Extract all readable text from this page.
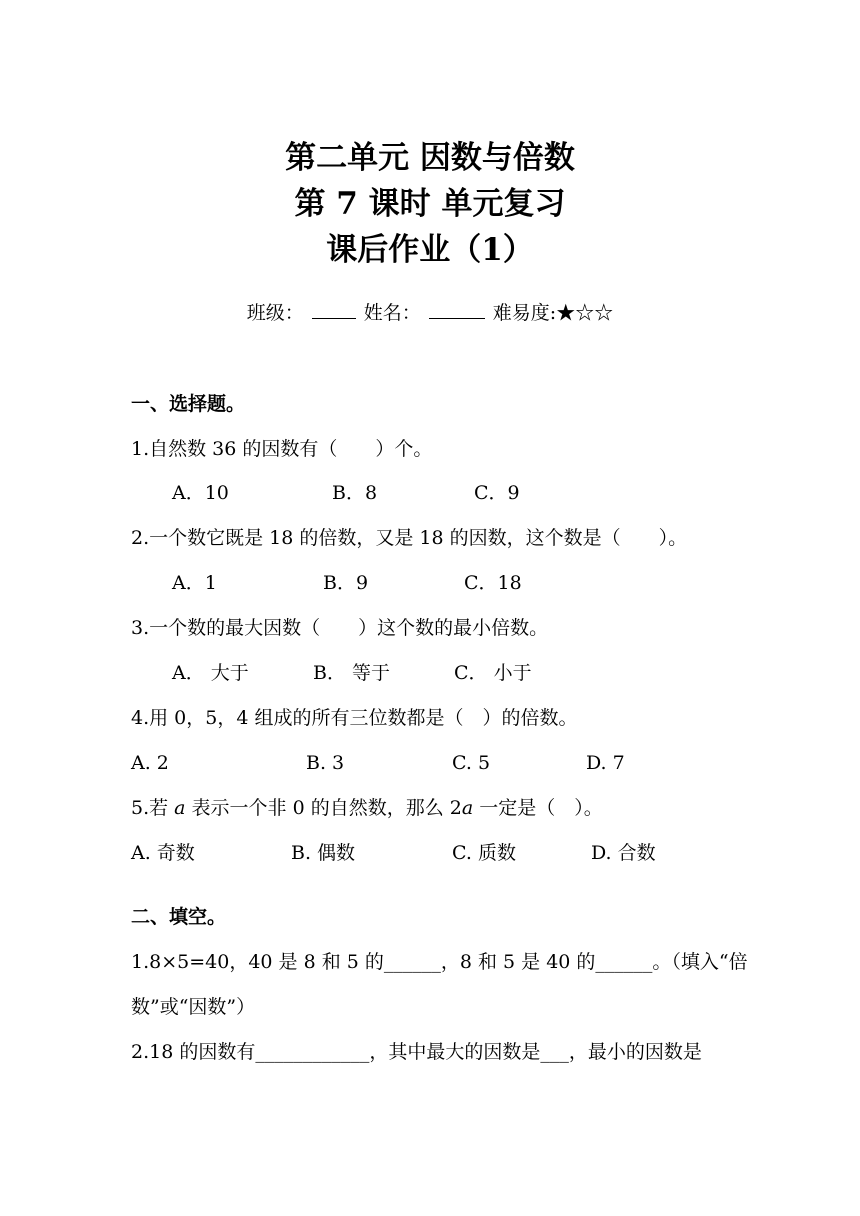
第二单元 因数与倍数
第 7 课时 单元复习
课后作业（1）
班级：	姓名：	难易度:★☆☆
一、选择题。
1.自然数 36 的因数有（　　）个。
A．10	B．8	C．9
2.一个数它既是 18 的倍数，又是 18 的因数，这个数是（　　）。
A．1	B．9	C．18
3.一个数的最大因数（　　）这个数的最小倍数。
A． 大于	B． 等于	C． 小于
4.用 0，5，4 组成的所有三位数都是（　）的倍数。
A. 2	B. 3	C. 5	D. 7
5.若 a 表示一个非 0 的自然数，那么 2a 一定是（　）。
A. 奇数	B. 偶数	C. 质数	D. 合数
二、填空。
1.8×5=40，40 是 8 和 5 的______，8 和 5 是 40 的______。（填入“倍
数”或“因数”）
2.18 的因数有____________，其中最大的因数是___，最小的因数是
